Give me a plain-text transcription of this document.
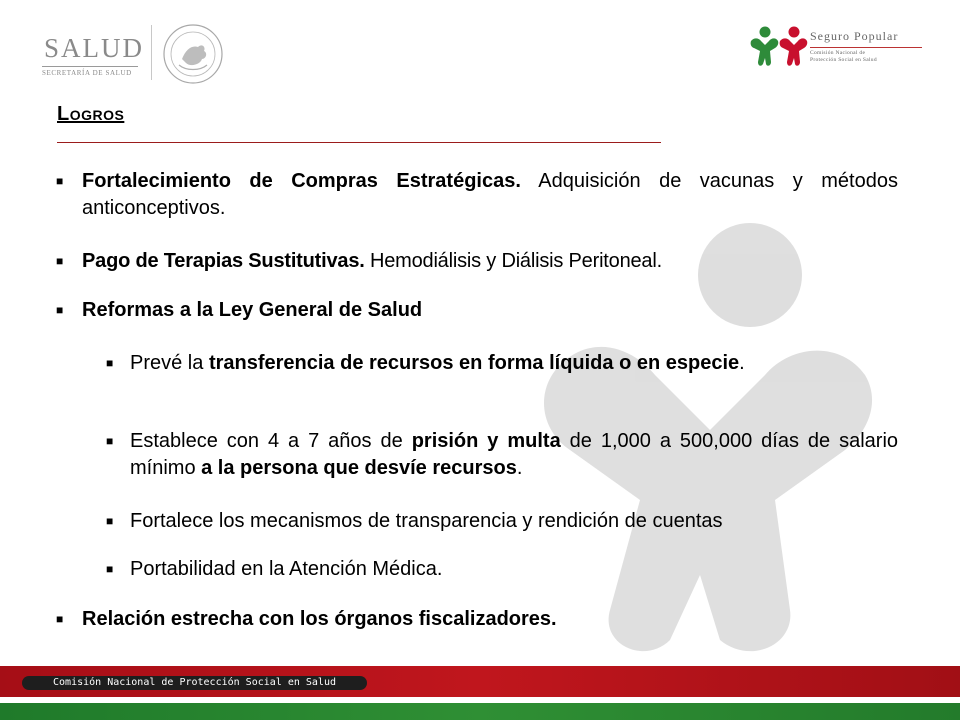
SALUD
SECRETARÍA DE SALUD
Seguro Popular
Comisión Nacional de
Protección Social en Salud
Logros
■ Fortalecimiento de Compras Estratégicas. Adquisición de vacunas y métodos anticonceptivos.
■ Pago de Terapias Sustitutivas. Hemodiálisis y Diálisis Peritoneal.
■ Reformas a la Ley General de Salud
■ Prevé la transferencia de recursos en forma líquida o en especie.
■ Establece con 4 a 7 años de prisión y multa de 1,000 a 500,000 días de salario mínimo a la persona que desvíe recursos.
■ Fortalece los mecanismos de transparencia y rendición de cuentas
■ Portabilidad en la Atención Médica.
■ Relación estrecha con los órganos fiscalizadores.
Comisión Nacional de Protección Social en Salud
